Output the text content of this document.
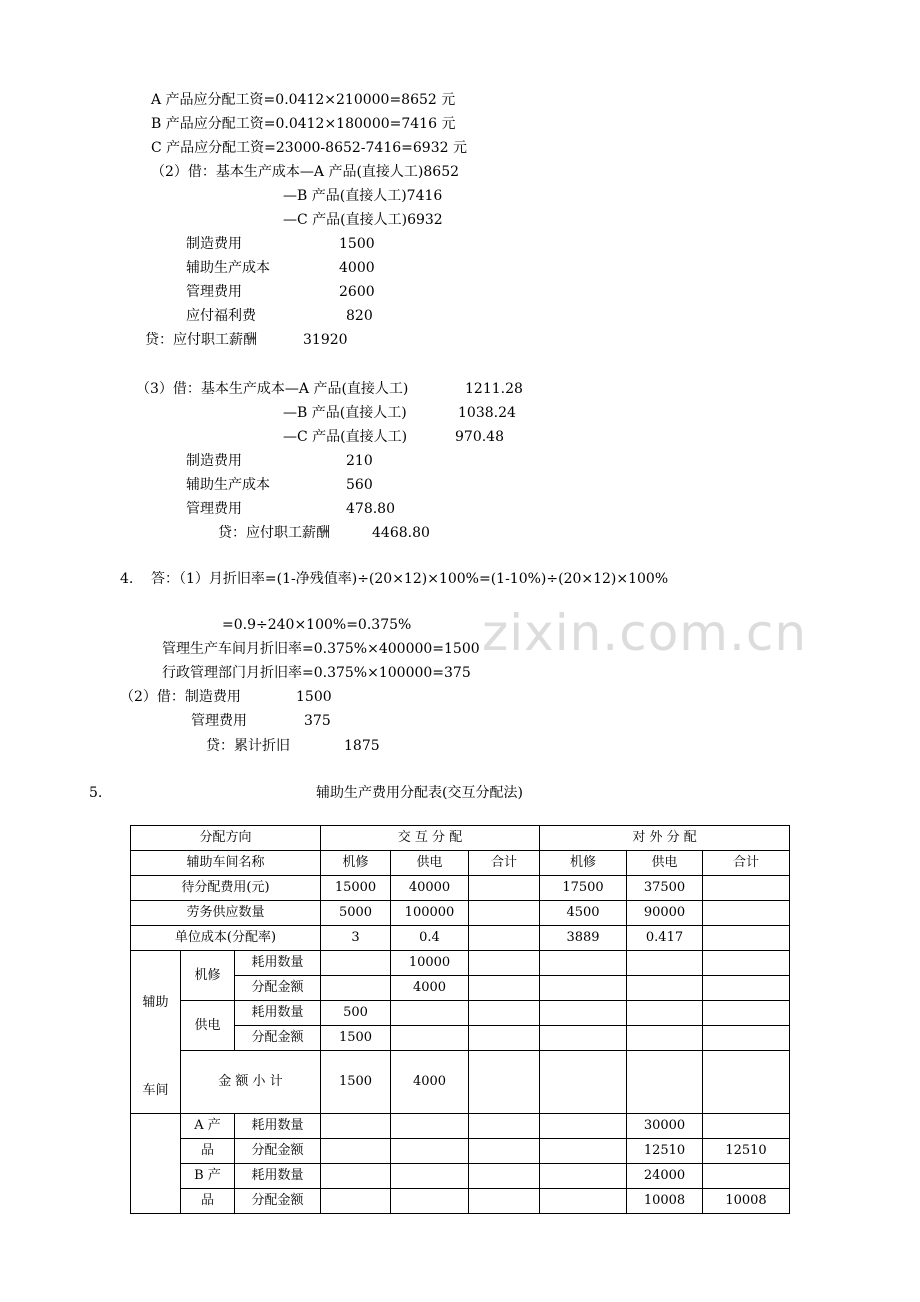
zixin.com.cn
A 产品应分配工资=0.0412×210000=8652 元
B 产品应分配工资=0.0412×180000=7416 元
C 产品应分配工资=23000-8652-7416=6932 元
（2）借：基本生产成本—A 产品(直接人工)8652
—B 产品(直接人工)7416
—C 产品(直接人工)6932
制造费用	1500
辅助生产成本	4000
管理费用	2600
应付福利费	820
贷：应付职工薪酬	31920
（3）借：基本生产成本—A 产品(直接人工)	1211.28
—B 产品(直接人工)	1038.24
—C 产品(直接人工)	970.48
制造费用	210
辅助生产成本	560
管理费用	478.80
贷：应付职工薪酬	4468.80
4. 答：（1）月折旧率=(1-净残值率)÷(20×12)×100%=(1-10%)÷(20×12)×100%
=0.9÷240×100%=0.375%
管理生产车间月折旧率=0.375%×400000=1500
行政管理部门月折旧率=0.375%×100000=375
（2）借：制造费用	1500
管理费用	375
贷：累计折旧	1875
5.	辅助生产费用分配表(交互分配法)
分配方向			交 互 分 配			对 外 分 配		
辅助车间名称			机修	供电	合计	机修	供电	合计
待分配费用(元)			15000	40000		17500	37500	
劳务供应数量			5000	100000		4500	90000	
单位成本(分配率)			3	0.4		3889	0.417	

辅助
车间	机修	耗用数量		10000				
		分配金额		4000				
	供电	耗用数量	500					
		分配金额	1500					
	金 额 小 计		1500	4000				
	A 产	耗用数量					30000	
	品	分配金额					12510	12510
	B 产	耗用数量					24000	
	品	分配金额					10008	10008
